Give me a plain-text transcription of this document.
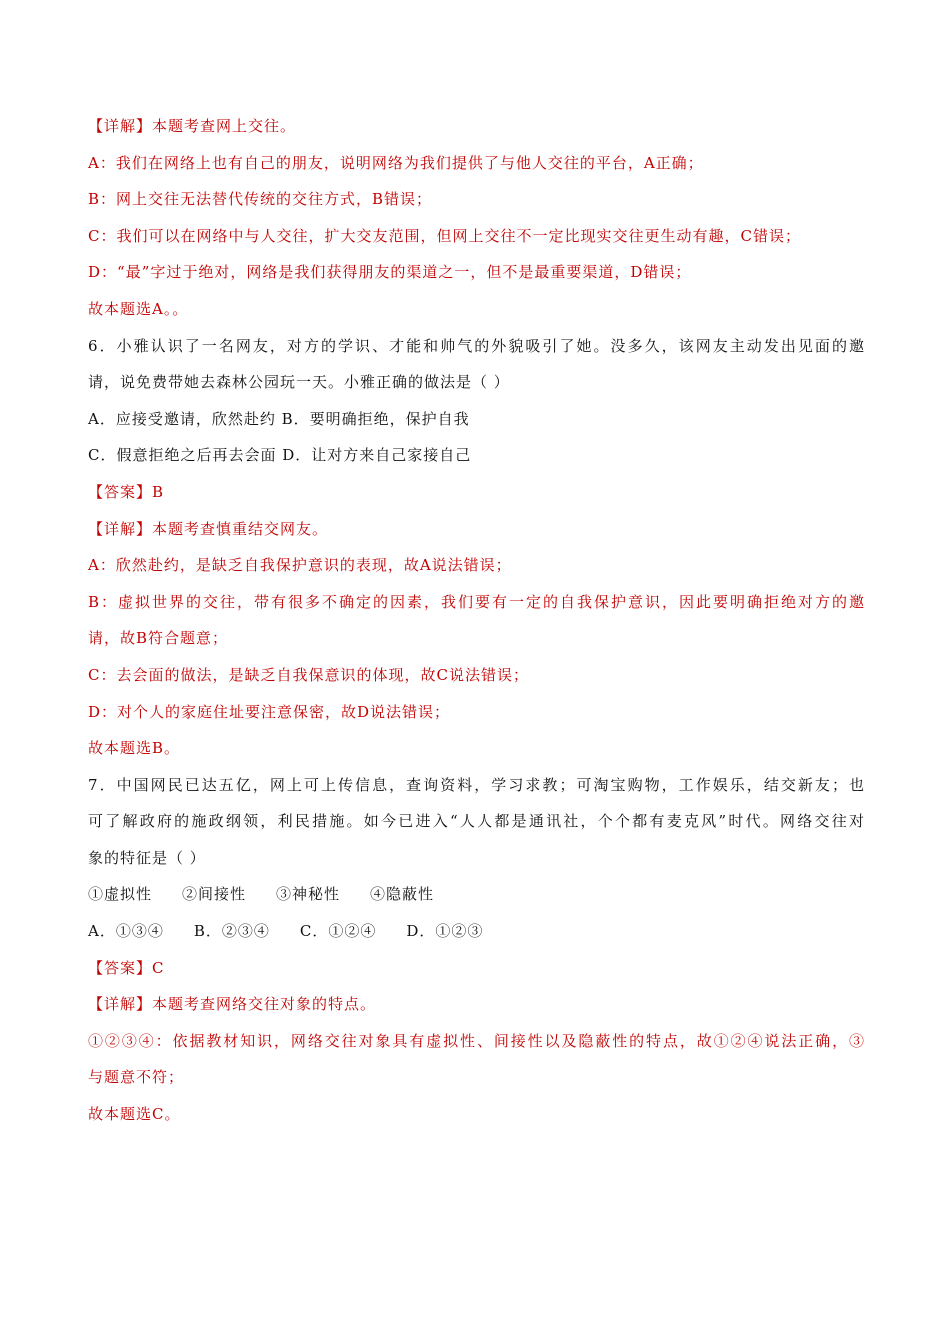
【详解】本题考查网上交往。
A：我们在网络上也有自己的朋友，说明网络为我们提供了与他人交往的平台，A正确；
B：网上交往无法替代传统的交往方式，B错误；
C：我们可以在网络中与人交往，扩大交友范围，但网上交往不一定比现实交往更生动有趣，C错误；
D：“最”字过于绝对，网络是我们获得朋友的渠道之一，但不是最重要渠道，D错误；
故本题选A。。
6．小雅认识了一名网友，对方的学识、才能和帅气的外貌吸引了她。没多久，该网友主动发出见面的邀
请，说免费带她去森林公园玩一天。小雅正确的做法是（ ）
A．应接受邀请，欣然赴约 B．要明确拒绝，保护自我
C．假意拒绝之后再去会面 D．让对方来自己家接自己
【答案】B
【详解】本题考查慎重结交网友。
A：欣然赴约，是缺乏自我保护意识的表现，故A说法错误；
B：虚拟世界的交往，带有很多不确定的因素，我们要有一定的自我保护意识，因此要明确拒绝对方的邀
请，故B符合题意；
C：去会面的做法，是缺乏自我保意识的体现，故C说法错误；
D：对个人的家庭住址要注意保密，故D说法错误；
故本题选B。
7．中国网民已达五亿，网上可上传信息，查询资料，学习求教；可淘宝购物，工作娱乐，结交新友；也
可了解政府的施政纲领，利民措施。如今已进入“人人都是通讯社，个个都有麦克风”时代。网络交往对
象的特征是（ ）
①虚拟性 ②间接性 ③神秘性 ④隐蔽性
A．①③④ B．②③④ C．①②④ D．①②③
【答案】C
【详解】本题考查网络交往对象的特点。
①②③④：依据教材知识，网络交往对象具有虚拟性、间接性以及隐蔽性的特点，故①②④说法正确，③
与题意不符；
故本题选C。
